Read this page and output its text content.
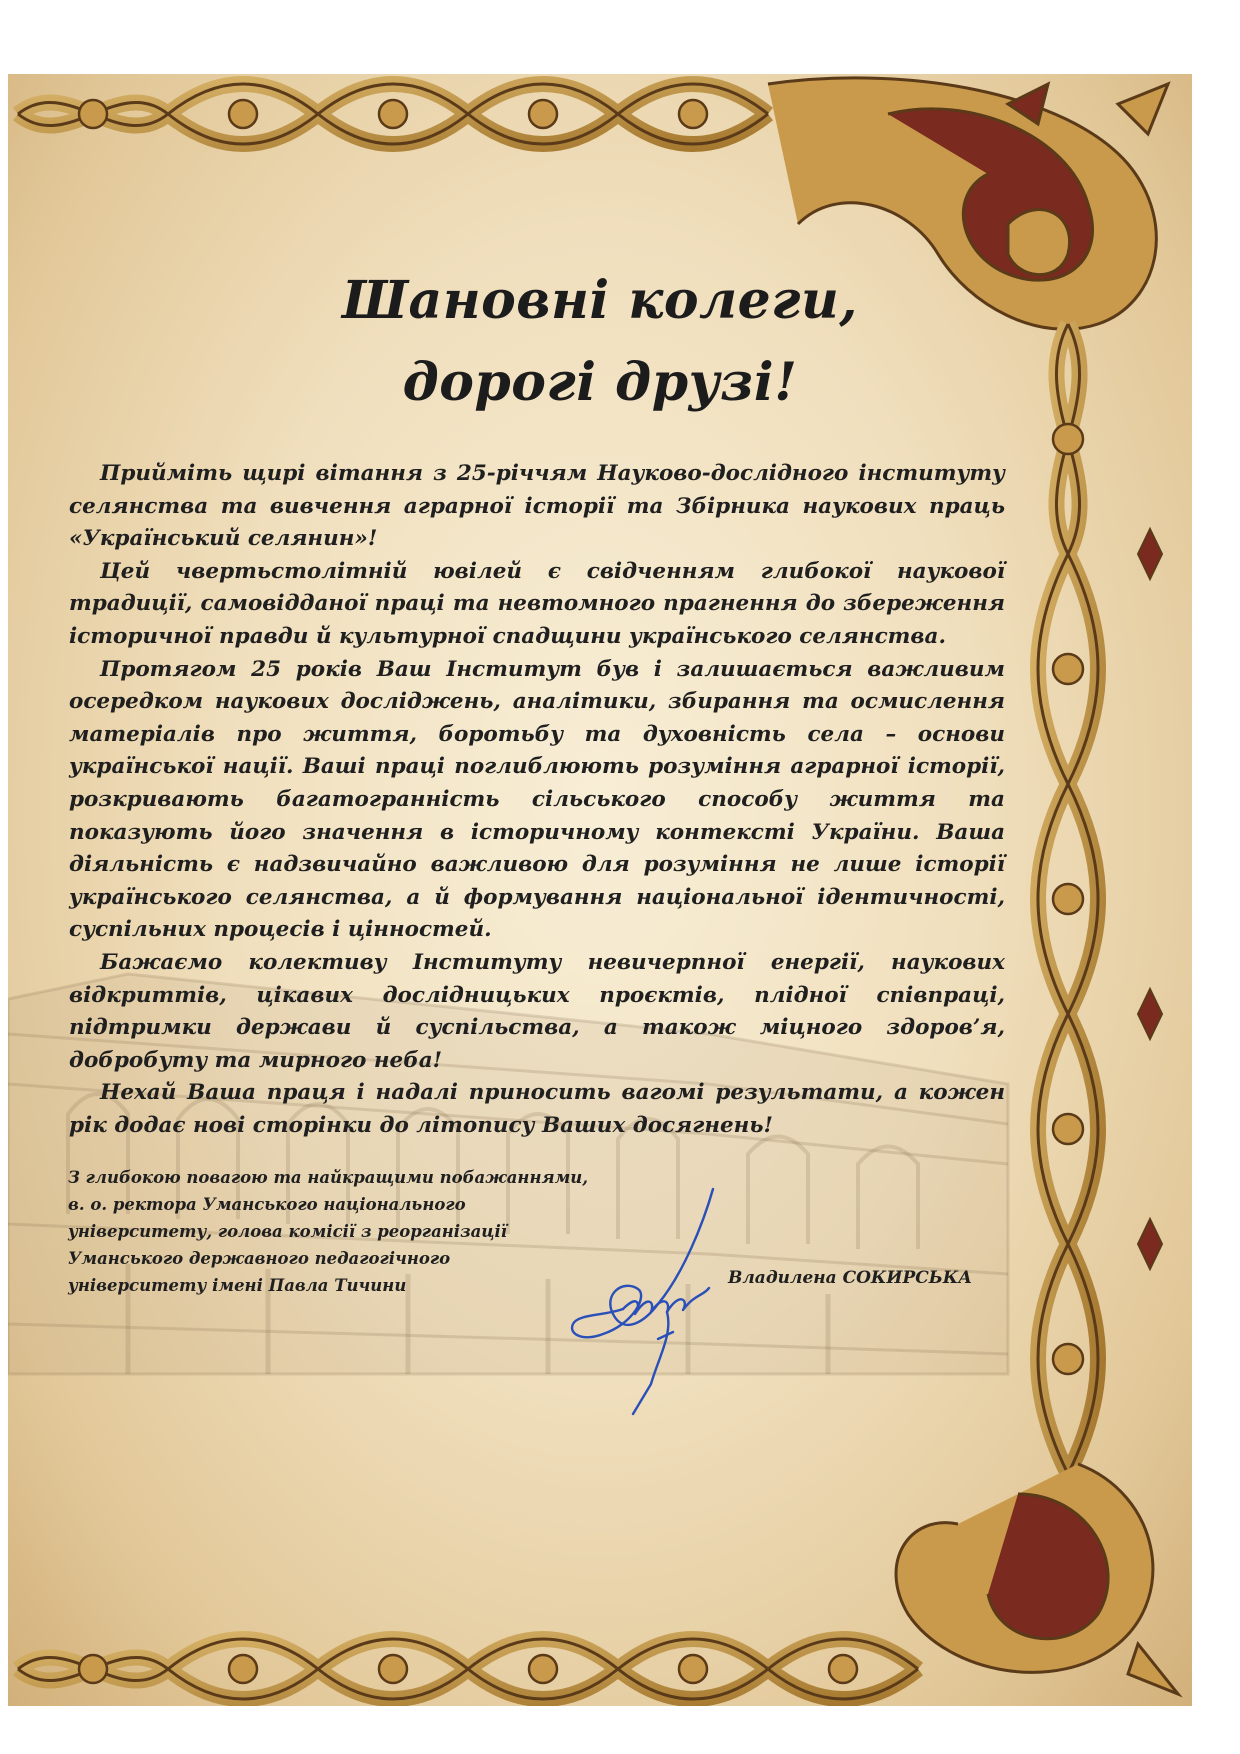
Шановні колеги,
дорогі друзі!

Прийміть щирі вітання з 25-річчям Науково-дослідного інституту селянства та вивчення аграрної історії та Збірника наукових праць «Український селянин»!

Цей чвертьстолітній ювілей є свідченням глибокої наукової традиції, самовідданої праці та невтомного прагнення до збереження історичної правди й культурної спадщини українського селянства.

Протягом 25 років Ваш Інститут був і залишається важливим осередком наукових досліджень, аналітики, збирання та осмислення матеріалів про життя, боротьбу та духовність села – основи української нації. Ваші праці поглиблюють розуміння аграрної історії, розкривають багатогранність сільського способу життя та показують його значення в історичному контексті України. Ваша діяльність є надзвичайно важливою для розуміння не лише історії українського селянства, а й формування національної ідентичності, суспільних процесів і цінностей.

Бажаємо колективу Інституту невичерпної енергії, наукових відкриттів, цікавих дослідницьких проєктів, плідної співпраці, підтримки держави й суспільства, а також міцного здоров’я, добробуту та мирного неба!

Нехай Ваша праця і надалі приносить вагомі результати, а кожен рік додає нові сторінки до літопису Ваших досягнень!

З глибокою повагою та найкращими побажаннями,
в. о. ректора Уманського національного
університету, голова комісії з реорганізації
Уманського державного педагогічного
університету імені Павла Тичини	Владилена СОКИРСЬКА
